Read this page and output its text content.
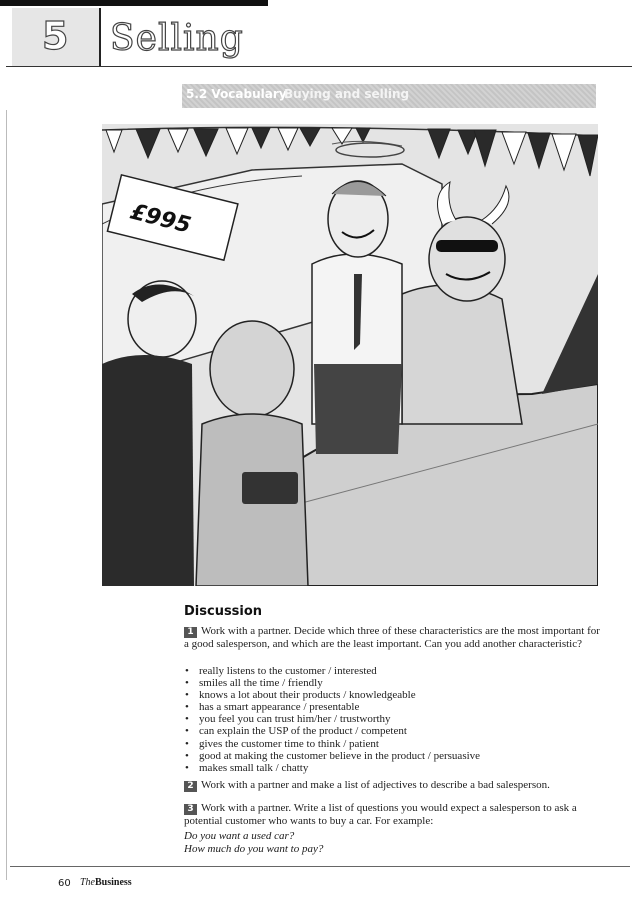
5 Selling
5.2 Vocabulary
Buying and selling
£995
Discussion
1 Work with a partner. Decide which three of these characteristics are the most important for a good salesperson, and which are the least important. Can you add another characteristic?
• really listens to the customer / interested
• smiles all the time / friendly
• knows a lot about their products / knowledgeable
• has a smart appearance / presentable
• you feel you can trust him/her / trustworthy
• can explain the USP of the product / competent
• gives the customer time to think / patient
• good at making the customer believe in the product / persuasive
• makes small talk / chatty
2 Work with a partner and make a list of adjectives to describe a bad salesperson.
3 Work with a partner. Write a list of questions you would expect a salesperson to ask a potential customer who wants to buy a car. For example:
Do you want a used car?
How much do you want to pay?
60 TheBusiness
